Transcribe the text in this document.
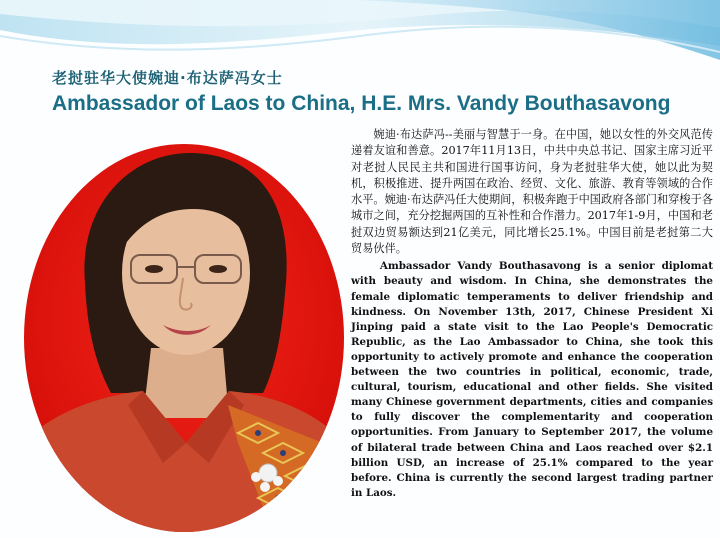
老挝驻华大使婉迪·布达萨冯女士
Ambassador of Laos to China, H.E. Mrs. Vandy Bouthasavong

婉迪·布达萨冯--美丽与智慧于一身。在中国，她以女性的外交风范传递着友谊和善意。2017年11月13日，中共中央总书记、国家主席习近平对老挝人民民主共和国进行国事访问，身为老挝驻华大使，她以此为契机，积极推进、提升两国在政治、经贸、文化、旅游、教育等领域的合作水平。婉迪·布达萨冯任大使期间，积极奔跑于中国政府各部门和穿梭于各城市之间，充分挖掘两国的互补性和合作潜力。2017年1-9月，中国和老挝双边贸易额达到21亿美元，同比增长25.1%。中国目前是老挝第二大贸易伙伴。

Ambassador Vandy Bouthasavong is a senior diplomat with beauty and wisdom. In China, she demonstrates the female diplomatic temperaments to deliver friendship and kindness. On November 13th, 2017, Chinese President Xi Jinping paid a state visit to the Lao People's Democratic Republic, as the Lao Ambassador to China, she took this opportunity to actively promote and enhance the cooperation between the two countries in political, economic, trade, cultural, tourism, educational and other fields. She visited many Chinese government departments, cities and companies to fully discover the complementarity and cooperation opportunities. From January to September 2017, the volume of bilateral trade between China and Laos reached over $2.1 billion USD, an increase of 25.1% compared to the year before. China is currently the second largest trading partner in Laos.
